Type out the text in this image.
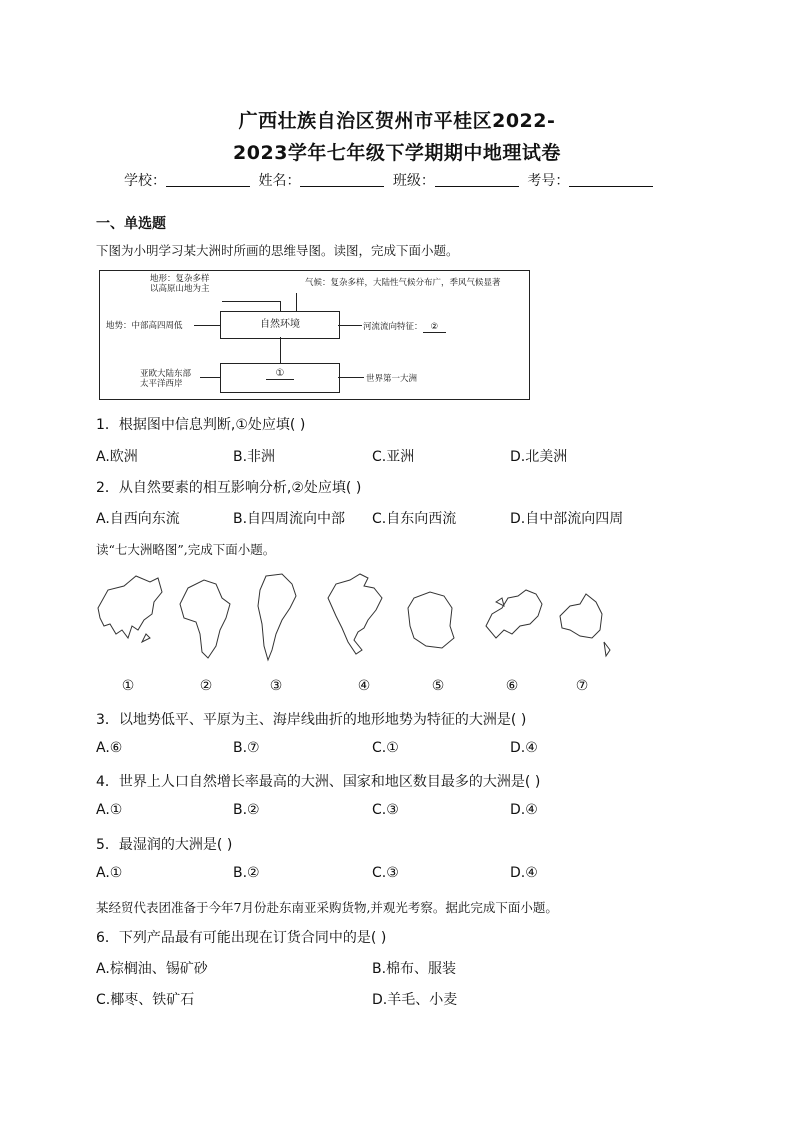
广西壮族自治区贺州市平桂区2022-
2023学年七年级下学期期中地理试卷
学校：	姓名：	班级：	考号：
一、单选题
下图为小明学习某大洲时所画的思维导图。读图，完成下面小题。
地形：复杂多样
以高原山地为主
气候：复杂多样，大陆性气候分布广，季风气候显著
地势：中部高四周低	自然环境	河流流向特征： ②
亚欧大陆东部
太平洋西岸
①	世界第一大洲
1．根据图中信息判断,①处应填( )
A.欧洲	B.非洲	C.亚洲	D.北美洲
2．从自然要素的相互影响分析,②处应填( )
A.自西向东流	B.自四周流向中部 C.自东向西流	D.自中部流向四周
读“七大洲略图”,完成下面小题。
①	②	③	④	⑤	⑥	⑦
3．以地势低平、平原为主、海岸线曲折的地形地势为特征的大洲是( )
A.⑥	B.⑦	C.①	D.④
4．世界上人口自然增长率最高的大洲、国家和地区数目最多的大洲是( )
A.①	B.②	C.③	D.④
5．最湿润的大洲是( )
A.①	B.②	C.③	D.④
某经贸代表团准备于今年7月份赴东南亚采购货物,并观光考察。据此完成下面小题。
6．下列产品最有可能出现在订货合同中的是( )
A.棕榈油、锡矿砂	B.棉布、服装
C.椰枣、铁矿石	D.羊毛、小麦
